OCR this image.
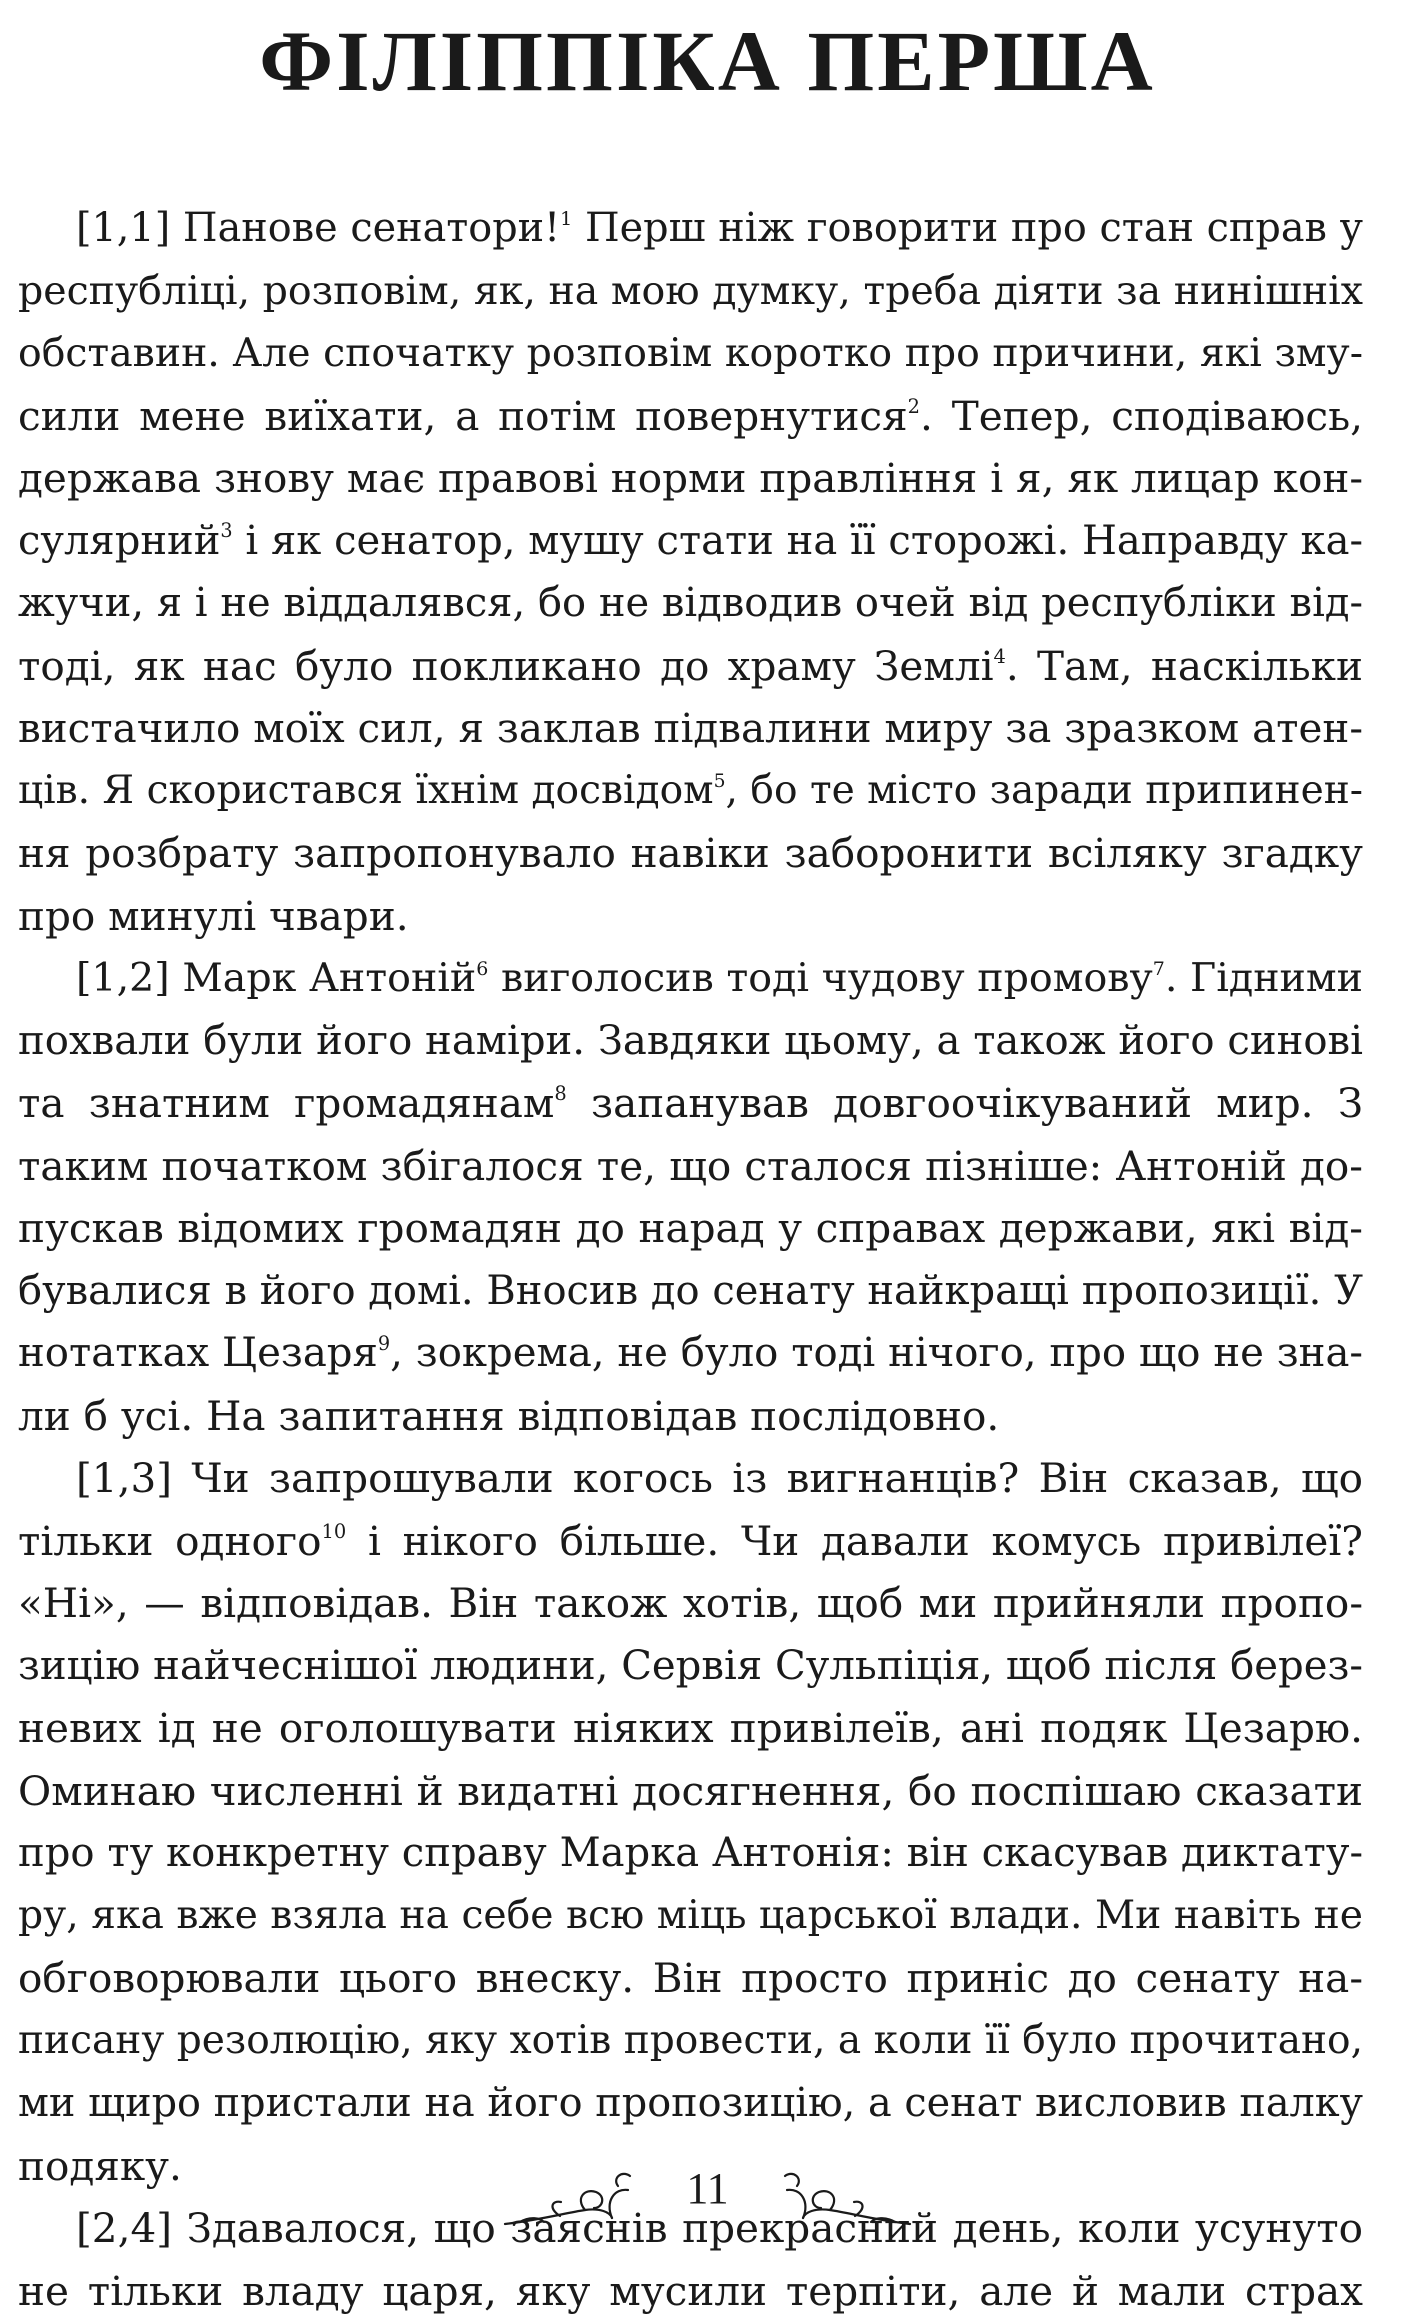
ФІЛІППІКА ПЕРША
[1,1] Панове сенатори!$^1$ Перш ніж говорити про стан справ у
республіці, розповім, як, на мою думку, треба діяти за нинішніх
обставин. Але спочатку розповім коротко про причини, які зму-
сили мене виїхати, а потім повернутися$^2$. Тепер, сподіваюсь,
держава знову має правові норми правління і я, як лицар кон-
сулярний$^3$ і як сенатор, мушу стати на її сторожі. Направду ка-
жучи, я і не віддалявся, бо не відводив очей від республіки від-
тоді, як нас було покликано до храму Землі$^4$. Там, наскільки
вистачило моїх сил, я заклав підвалини миру за зразком атен-
ців. Я скористався їхнім досвідом$^5$, бо те місто заради припинен-
ня розбрату запропонувало навіки заборонити всіляку згадку
про минулі чвари.
[1,2] Марк Антоній$^6$ виголосив тоді чудову промову$^7$. Гідними
похвали були його наміри. Завдяки цьому, а також його синові
та знатним громадянам$^8$ запанував довгоочікуваний мир. З
таким початком збігалося те, що сталося пізніше: Антоній до-
пускав відомих громадян до нарад у справах держави, які від-
бувалися в його домі. Вносив до сенату найкращі пропозиції. У
нотатках Цезаря$^9$, зокрема, не було тоді нічого, про що не зна-
ли б усі. На запитання відповідав послідовно.
[1,3] Чи запрошували когось із вигнанців? Він сказав, що
тільки одного$^{10}$ і нікого більше. Чи давали комусь привілеї?
«Ні», — відповідав. Він також хотів, щоб ми прийняли пропо-
зицію найчеснішої людини, Сервія Сульпіція, щоб після берез-
невих ід не оголошувати ніяких привілеїв, ані подяк Цезарю.
Оминаю численні й видатні досягнення, бо поспішаю сказати
про ту конкретну справу Марка Антонія: він скасував диктату-
ру, яка вже взяла на себе всю міць царської влади. Ми навіть не
обговорювали цього внеску. Він просто приніс до сенату на-
писану резолюцію, яку хотів провести, а коли її було прочитано,
ми щиро пристали на його пропозицію, а сенат висловив палку
подяку.
[2,4] Здавалося, що заяснів прекрасний день, коли усунуто
не тільки владу царя, яку мусили терпіти, але й мали страх
11
